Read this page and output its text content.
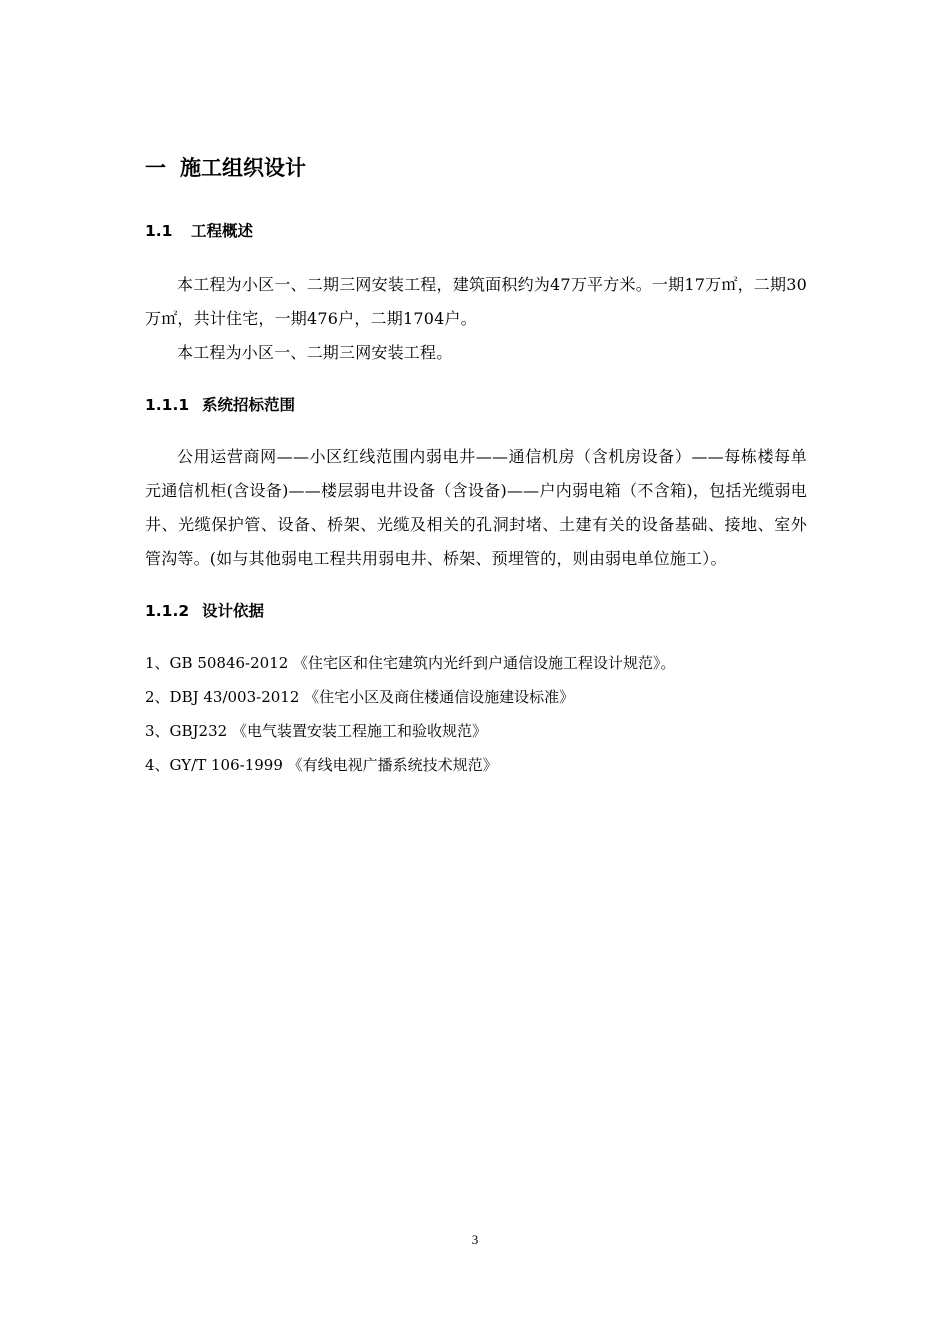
一 施工组织设计
1.1 工程概述

本工程为小区一、二期三网安装工程，建筑面积约为47万平方米。一期17万㎡，二期30万㎡，共计住宅，一期476户，二期1704户。

本工程为小区一、二期三网安装工程。

1.1.1 系统招标范围

公用运营商网——小区红线范围内弱电井——通信机房（含机房设备）——每栋楼每单元通信机柜(含设备)——楼层弱电井设备（含设备)——户内弱电箱（不含箱)，包括光缆弱电井、光缆保护管、设备、桥架、光缆及相关的孔洞封堵、土建有关的设备基础、接地、室外管沟等。(如与其他弱电工程共用弱电井、桥架、预埋管的，则由弱电单位施工）。

1.1.2 设计依据
1、GB 50846-2012 《住宅区和住宅建筑内光纤到户通信设施工程设计规范》。
2、DBJ 43/003-2012 《住宅小区及商住楼通信设施建设标准》
3、GBJ232 《电气装置安装工程施工和验收规范》
4、GY/T 106-1999 《有线电视广播系统技术规范》
3
